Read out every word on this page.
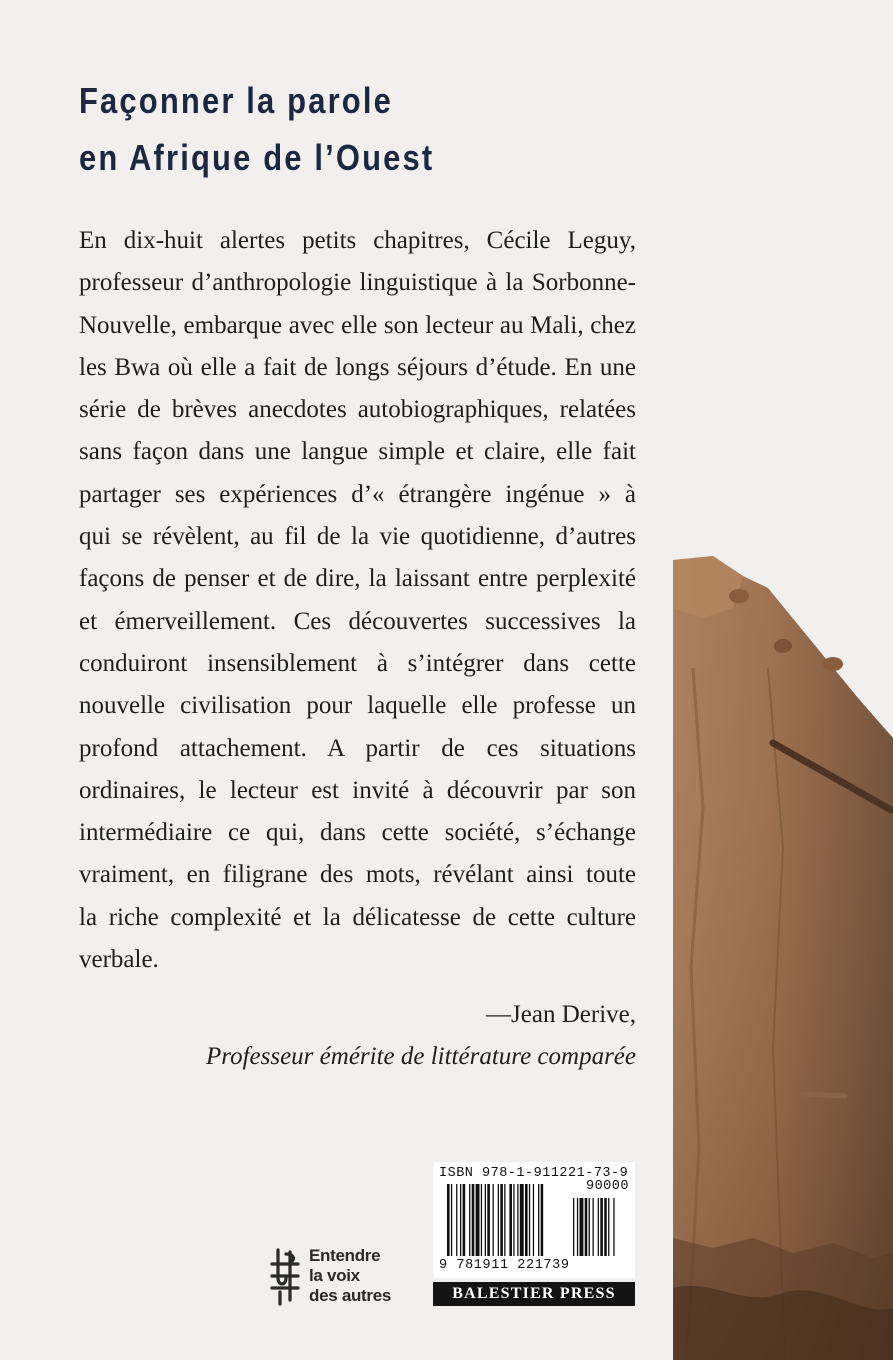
Façonner la parole
en Afrique de l’Ouest
En dix-huit alertes petits chapitres, Cécile Leguy,
professeur d’anthropologie linguistique à la Sorbonne-
Nouvelle, embarque avec elle son lecteur au Mali, chez
les Bwa où elle a fait de longs séjours d’étude. En une
série de brèves anecdotes autobiographiques, relatées
sans façon dans une langue simple et claire, elle fait
partager ses expériences d’« étrangère ingénue » à
qui se révèlent, au fil de la vie quotidienne, d’autres
façons de penser et de dire, la laissant entre perplexité
et émerveillement. Ces découvertes successives la
conduiront insensiblement à s’intégrer dans cette
nouvelle civilisation pour laquelle elle professe un
profond attachement. A partir de ces situations
ordinaires, le lecteur est invité à découvrir par son
intermédiaire ce qui, dans cette société, s’échange
vraiment, en filigrane des mots, révélant ainsi toute
la riche complexité et la délicatesse de cette culture
verbale.
—Jean Derive,
Professeur émérite de littérature comparée
Entendre
la voix
des autres
ISBN 978-1-911221-73-9
90000
9 781911 221739
BALESTIER PRESS
